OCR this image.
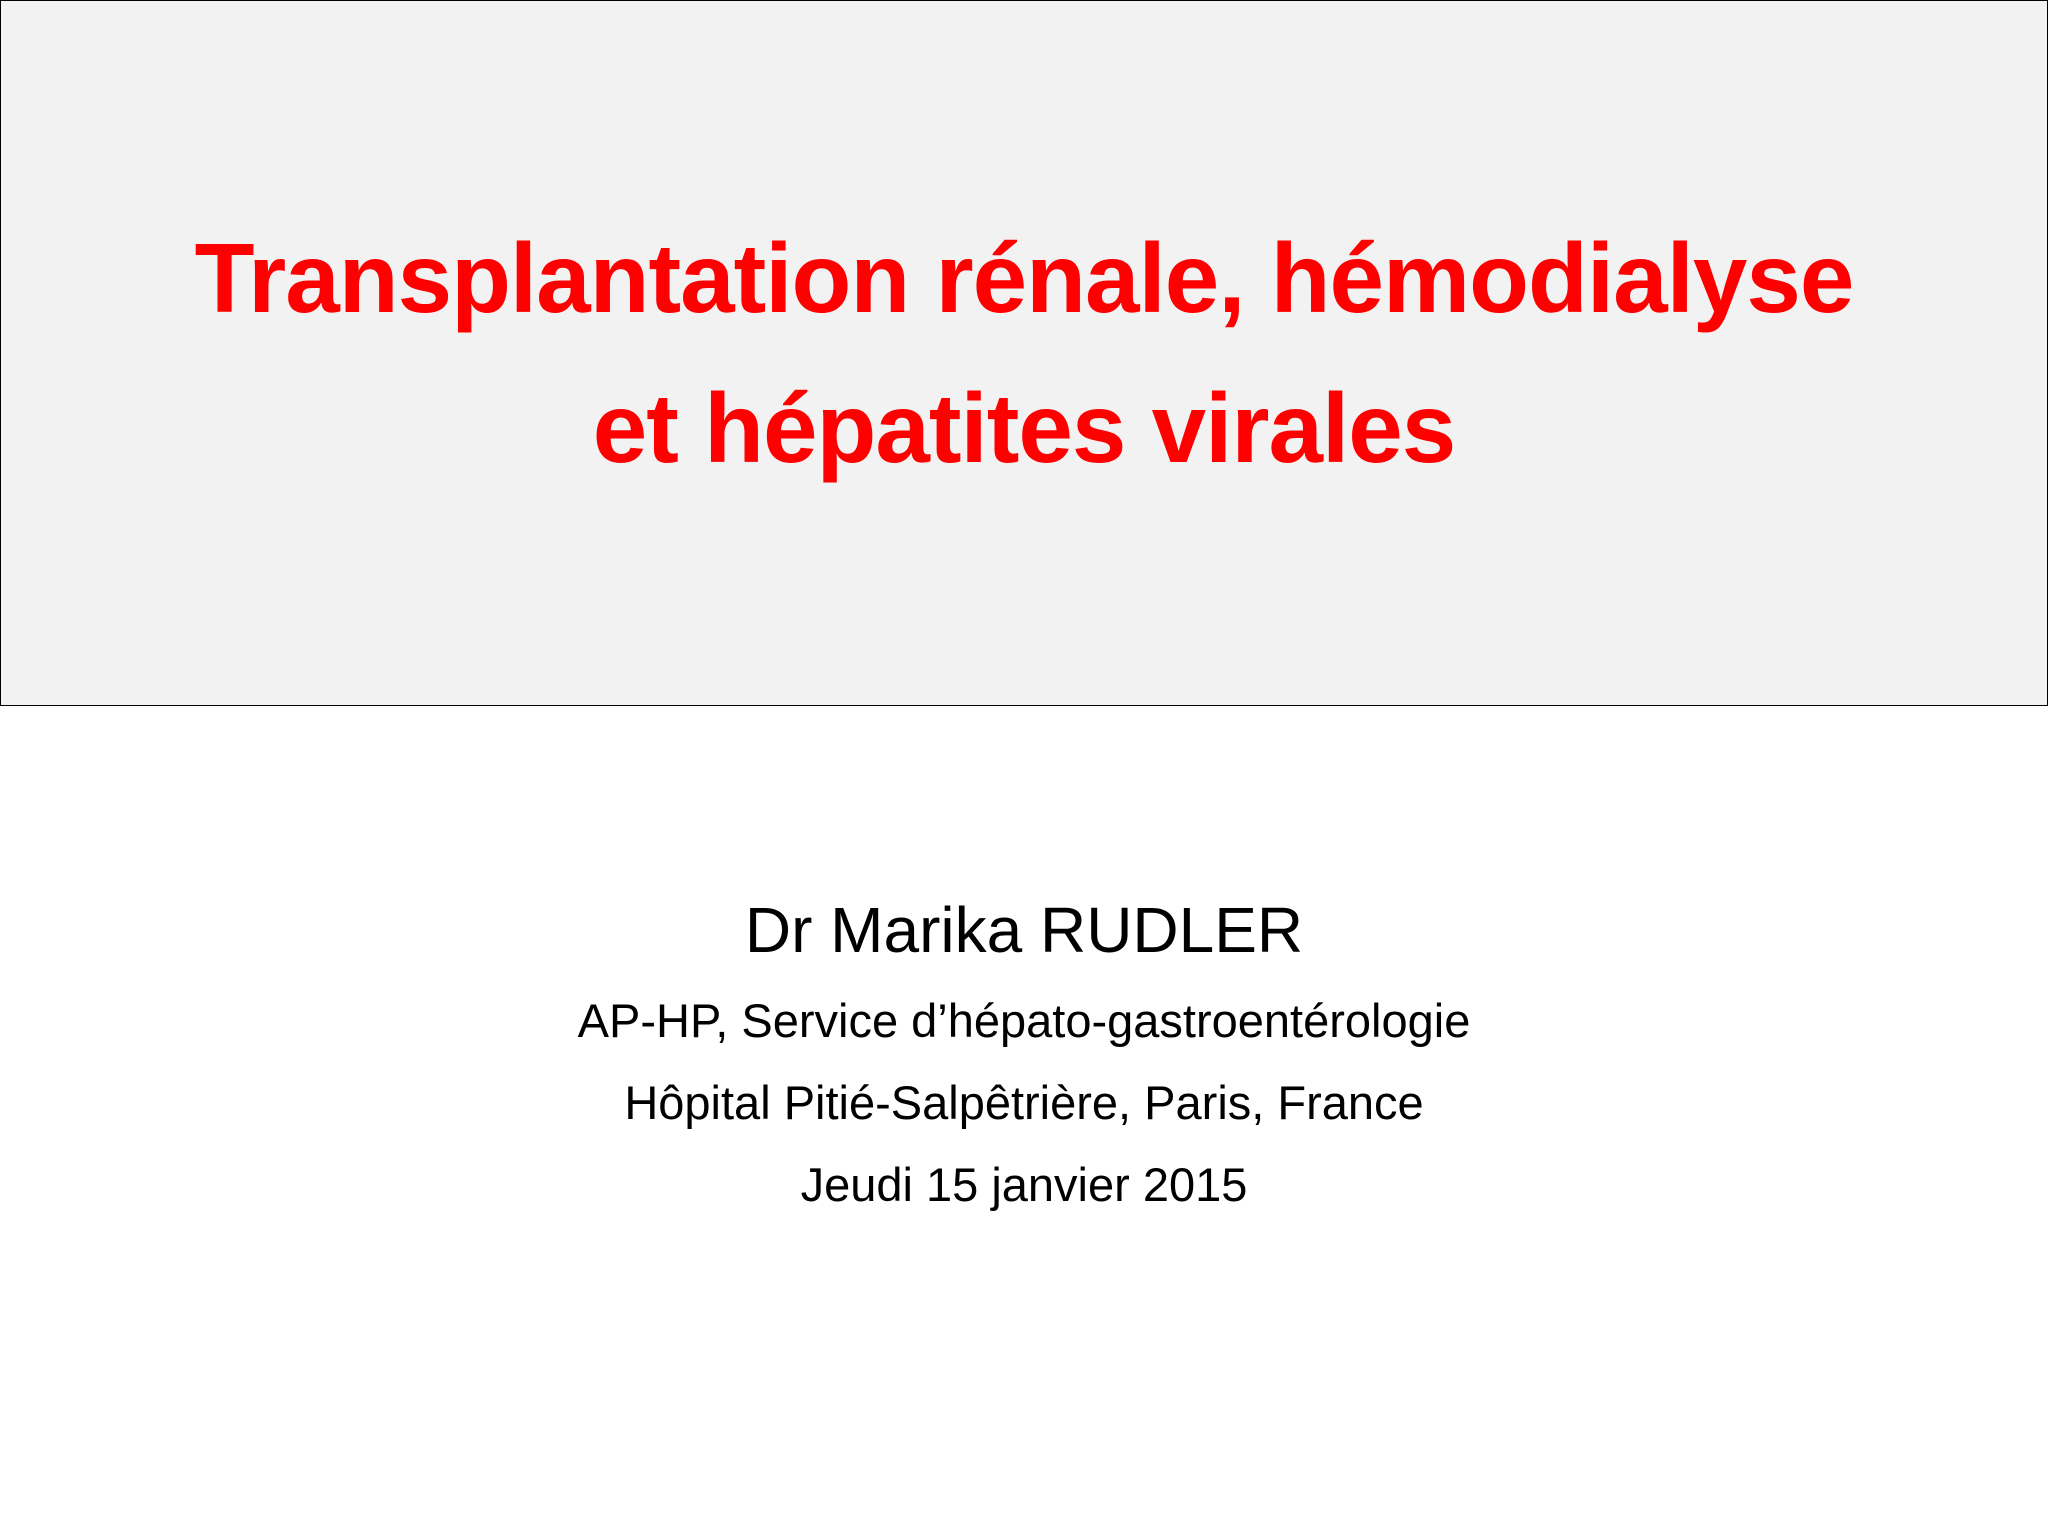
Transplantation rénale, hémodialyse
et hépatites virales

Dr Marika RUDLER

AP-HP, Service d’hépato-gastroentérologie

Hôpital Pitié-Salpêtrière, Paris, France

Jeudi 15 janvier 2015
